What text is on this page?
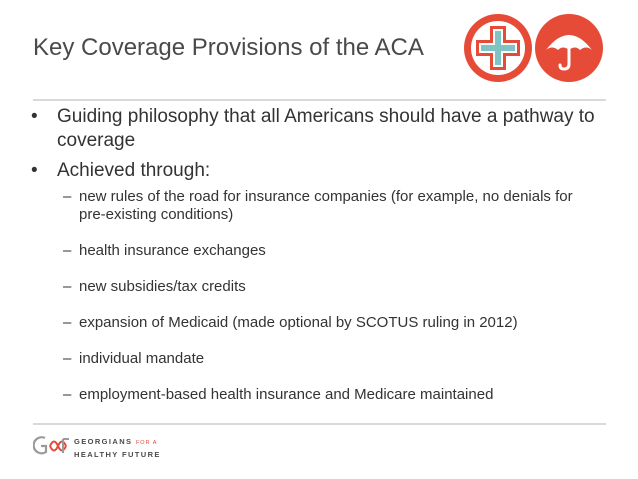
Key Coverage Provisions of the ACA
• Guiding philosophy that all Americans should have a pathway to coverage
• Achieved through:
– new rules of the road for insurance companies (for example, no denials for pre-existing conditions)
– health insurance exchanges
– new subsidies/tax credits
– expansion of Medicaid (made optional by SCOTUS ruling in 2012)
– individual mandate
– employment-based health insurance and Medicare maintained
GEORGIANS FOR A
HEALTHY FUTURE
